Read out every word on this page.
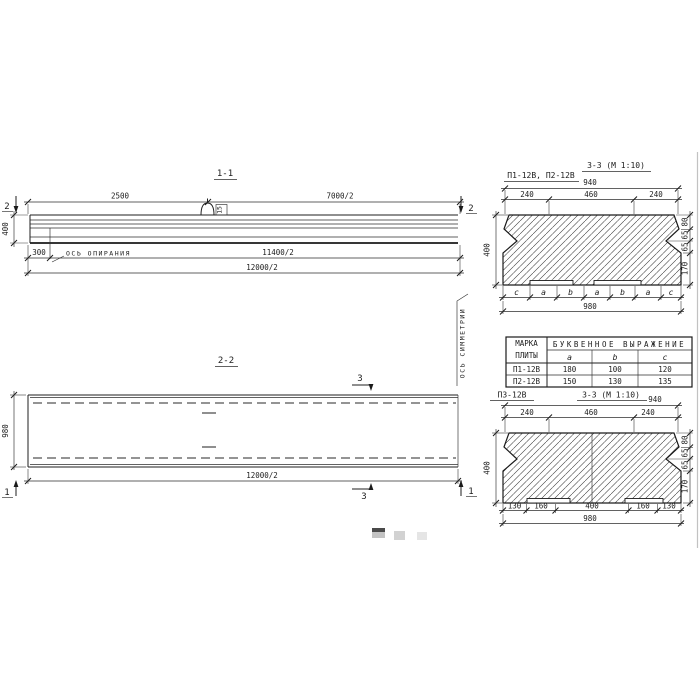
1-1
15
2500	7000/2
400
300	ОСЬ ОПИРАНИЯ	11400/2
12000/2
2	2
2-2
980
12000/2
3
3
1	1
ОСЬ СИММЕТРИИ
П1-12В, П2-12В
3-3 (М 1:10)
940
240	460	240
400
80
65
65
170
c	a	b	a	b	a c
980
МАРКА
ПЛИТЫ
БУКВЕННОЕ ВЫРАЖЕНИЕ
a	b	c
П1-12В	180	100	120
П2-12В	150	130	135
П3-12В	3-3 (М 1:10) 940
240	460	240
400
80
65
65
170
130 160	400	160 130
980
